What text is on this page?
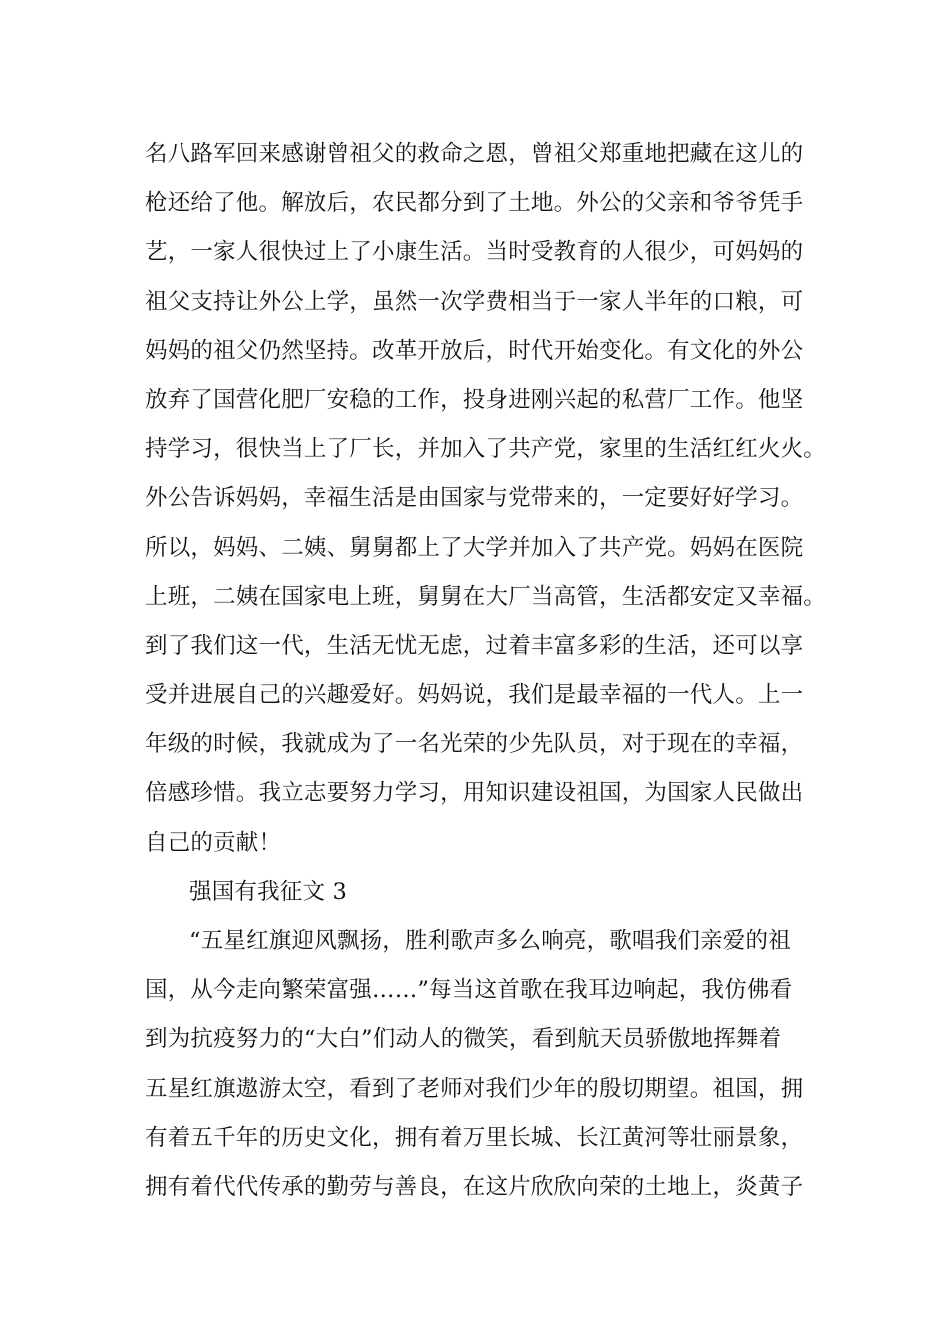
名八路军回来感谢曾祖父的救命之恩，曾祖父郑重地把藏在这儿的
枪还给了他。解放后，农民都分到了土地。外公的父亲和爷爷凭手
艺，一家人很快过上了小康生活。当时受教育的人很少，可妈妈的
祖父支持让外公上学，虽然一次学费相当于一家人半年的口粮，可
妈妈的祖父仍然坚持。改革开放后，时代开始变化。有文化的外公
放弃了国营化肥厂安稳的工作，投身进刚兴起的私营厂工作。他坚
持学习，很快当上了厂长，并加入了共产党，家里的生活红红火火。
外公告诉妈妈，幸福生活是由国家与党带来的，一定要好好学习。
所以，妈妈、二姨、舅舅都上了大学并加入了共产党。妈妈在医院
上班，二姨在国家电上班，舅舅在大厂当高管，生活都安定又幸福。
到了我们这一代，生活无忧无虑，过着丰富多彩的生活，还可以享
受并进展自己的兴趣爱好。妈妈说，我们是最幸福的一代人。上一
年级的时候，我就成为了一名光荣的少先队员，对于现在的幸福，
倍感珍惜。我立志要努力学习，用知识建设祖国，为国家人民做出
自己的贡献！
强国有我征文 3
“五星红旗迎风飘扬，胜利歌声多么响亮，歌唱我们亲爱的祖
国，从今走向繁荣富强……”每当这首歌在我耳边响起，我仿佛看
到为抗疫努力的“大白”们动人的微笑，看到航天员骄傲地挥舞着
五星红旗遨游太空，看到了老师对我们少年的殷切期望。祖国，拥
有着五千年的历史文化，拥有着万里长城、长江黄河等壮丽景象，
拥有着代代传承的勤劳与善良，在这片欣欣向荣的土地上，炎黄子
